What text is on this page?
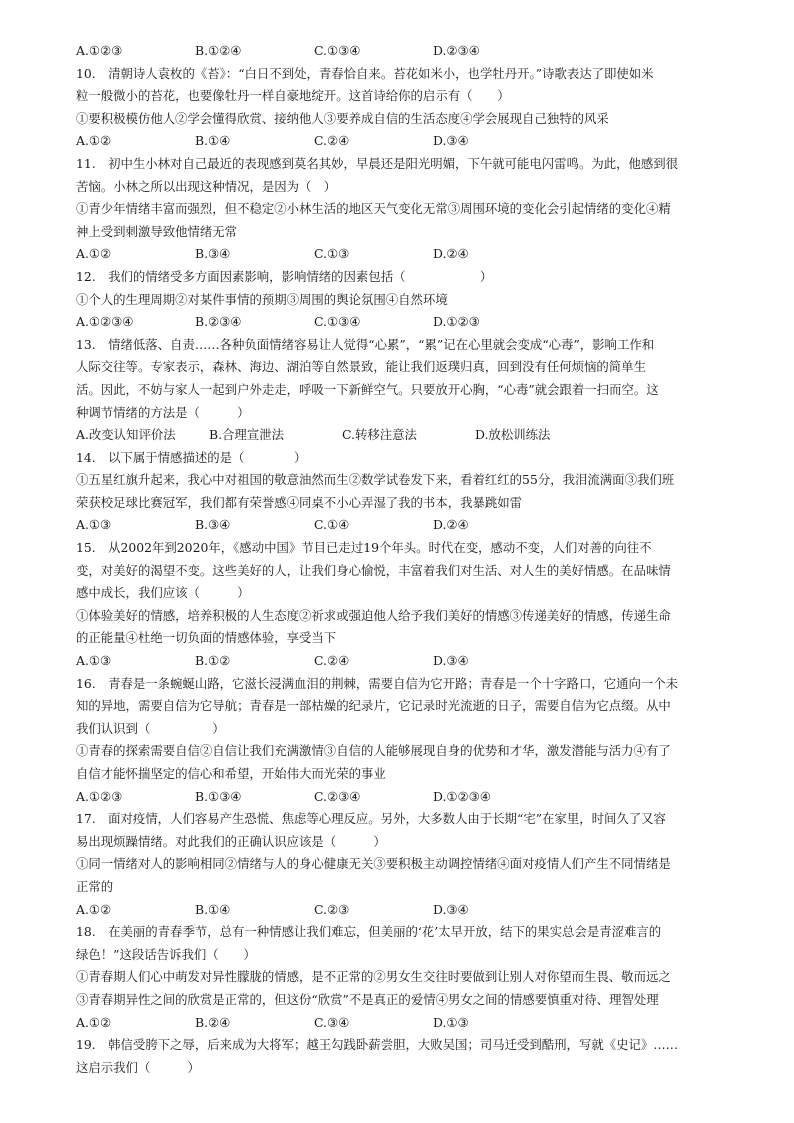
A.①②③	B.①②④	C.①③④	D.②③④
10.　清朝诗人袁枚的《苔》：“白日不到处，青春恰自来。苔花如米小，也学牡丹开。”诗歌表达了即使如米
粒一般微小的苔花，也要像牡丹一样自豪地绽开。这首诗给你的启示有（　　）
①要积极模仿他人②学会懂得欣赏、接纳他人③要养成自信的生活态度④学会展现自己独特的风采
A.①②	B.①④	C.②④	D.③④
11.　初中生小林对自己最近的表现感到莫名其妙，早晨还是阳光明媚，下午就可能电闪雷鸣。为此，他感到很
苦恼。小林之所以出现这种情况，是因为（　）
①青少年情绪丰富而强烈，但不稳定②小林生活的地区天气变化无常③周围环境的变化会引起情绪的变化④精
神上受到刺激导致他情绪无常
A.①②	B.③④	C.①③	D.②④
12.　我们的情绪受多方面因素影响，影响情绪的因素包括（　　　　　　）
①个人的生理周期②对某件事情的预期③周围的舆论氛围④自然环境
A.①②③④	B.②③④	C.①③④	D.①②③
13.　情绪低落、自责……各种负面情绪容易让人觉得“心累”，“累”记在心里就会变成“心毒”，影响工作和
人际交往等。专家表示，森林、海边、湖泊等自然景致，能让我们返璞归真，回到没有任何烦恼的简单生
活。因此，不妨与家人一起到户外走走，呼吸一下新鲜空气。只要放开心胸，“心毒”就会跟着一扫而空。这
种调节情绪的方法是（　　　）
A.改变认知评价法	B.合理宣泄法	C.转移注意法	D.放松训练法
14.　以下属于情感描述的是（　　　　）
①五星红旗升起来，我心中对祖国的敬意油然而生②数学试卷发下来，看着红红的55分，我泪流满面③我们班
荣获校足球比赛冠军，我们都有荣誉感④同桌不小心弄湿了我的书本，我暴跳如雷
A.①③	B.③④	C.①④	D.②④
15.　从2002年到2020年，《感动中国》节目已走过19个年头。时代在变，感动不变，人们对善的向往不
变，对美好的渴望不变。这些美好的人，让我们身心愉悦，丰富着我们对生活、对人生的美好情感。在品味情
感中成长，我们应该（　　　）
①体验美好的情感，培养积极的人生态度②祈求或强迫他人给予我们美好的情感③传递美好的情感，传递生命
的正能量④杜绝一切负面的情感体验，享受当下
A.①③	B.①②	C.②④	D.③④
16.　青春是一条蜿蜒山路，它滋长浸满血泪的荆棘，需要自信为它开路；青春是一个十字路口，它通向一个未
知的异地，需要自信为它导航；青春是一部枯燥的纪录片，它记录时光流逝的日子，需要自信为它点缀。从中
我们认识到（　　　　　）
①青春的探索需要自信②自信让我们充满激情③自信的人能够展现自身的优势和才华，激发潜能与活力④有了
自信才能怀揣坚定的信心和希望，开始伟大而光荣的事业
A.①②③	B.①③④	C.②③④	D.①②③④
17.　面对疫情，人们容易产生恐慌、焦虑等心理反应。另外，大多数人由于长期“宅”在家里，时间久了又容
易出现烦躁情绪。对此我们的正确认识应该是（　　　）
①同一情绪对人的影响相同②情绪与人的身心健康无关③要积极主动调控情绪④面对疫情人们产生不同情绪是
正常的
A.①②	B.①④	C.②③	D.③④
18.　在美丽的青春季节，总有一种情感让我们难忘，但美丽的‘花’太早开放，结下的果实总会是青涩难言的
绿色！”这段话告诉我们（　　）
①青春期人们心中萌发对异性朦胧的情感，是不正常的②男女生交往时要做到让别人对你望而生畏、敬而远之
③青春期异性之间的欣赏是正常的，但这份“欣赏”不是真正的爱情④男女之间的情感要慎重对待、理智处理
A.①②	B.②④	C.③④	D.①③
19.　韩信受胯下之辱，后来成为大将军；越王勾践卧薪尝胆，大败吴国；司马迁受到酷刑，写就《史记》……
这启示我们（　　　）
